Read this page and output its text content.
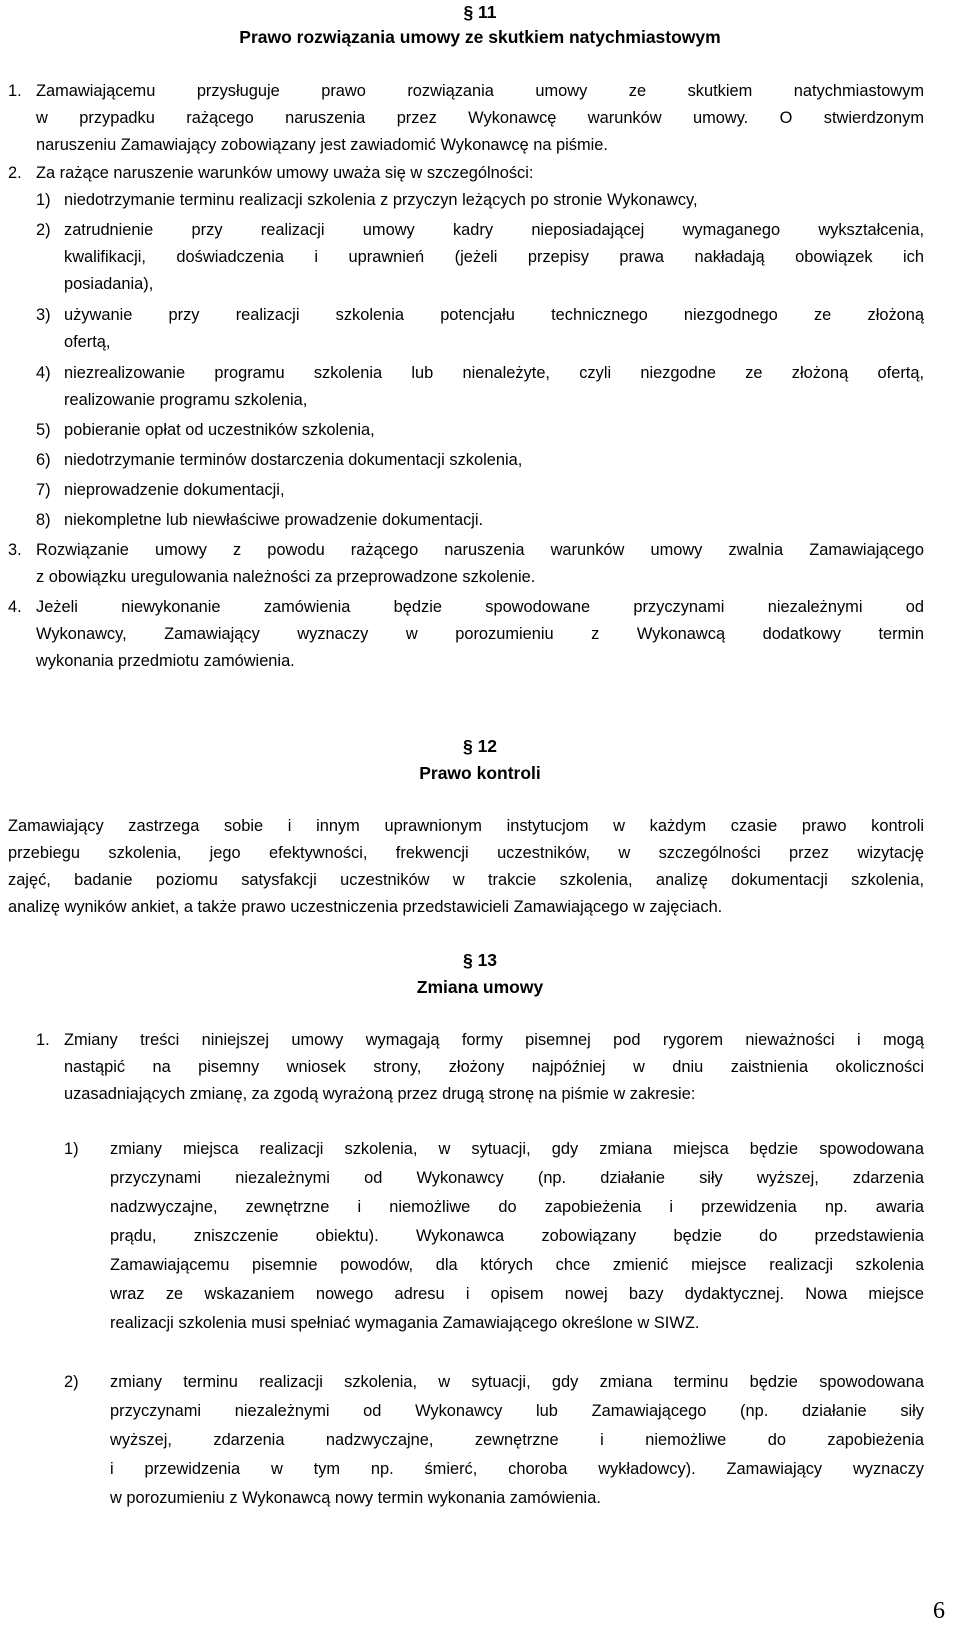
§ 11
Prawo rozwiązania umowy ze skutkiem natychmiastowym
1. Zamawiającemu przysługuje prawo rozwiązania umowy ze skutkiem natychmiastowym
w przypadku rażącego naruszenia przez Wykonawcę warunków umowy. O stwierdzonym
naruszeniu Zamawiający zobowiązany jest zawiadomić Wykonawcę na piśmie.
2. Za rażące naruszenie warunków umowy uważa się w szczególności:
1) niedotrzymanie terminu realizacji szkolenia z przyczyn leżących po stronie Wykonawcy,
2) zatrudnienie przy realizacji umowy kadry nieposiadającej wymaganego wykształcenia,
kwalifikacji, doświadczenia i uprawnień (jeżeli przepisy prawa nakładają obowiązek ich
posiadania),
3) używanie przy realizacji szkolenia potencjału technicznego niezgodnego ze złożoną
ofertą,
4) niezrealizowanie programu szkolenia lub nienależyte, czyli niezgodne ze złożoną ofertą,
realizowanie programu szkolenia,
5) pobieranie opłat od uczestników szkolenia,
6) niedotrzymanie terminów dostarczenia dokumentacji szkolenia,
7) nieprowadzenie dokumentacji,
8) niekompletne lub niewłaściwe prowadzenie dokumentacji.
3. Rozwiązanie umowy z powodu rażącego naruszenia warunków umowy zwalnia Zamawiającego
z obowiązku uregulowania należności za przeprowadzone szkolenie.
4. Jeżeli niewykonanie zamówienia będzie spowodowane przyczynami niezależnymi od
Wykonawcy, Zamawiający wyznaczy w porozumieniu z Wykonawcą dodatkowy termin
wykonania przedmiotu zamówienia.
§ 12
Prawo kontroli
Zamawiający zastrzega sobie i innym uprawnionym instytucjom w każdym czasie prawo kontroli
przebiegu szkolenia, jego efektywności, frekwencji uczestników, w szczególności przez wizytację
zajęć, badanie poziomu satysfakcji uczestników w trakcie szkolenia, analizę dokumentacji szkolenia,
analizę wyników ankiet, a także prawo uczestniczenia przedstawicieli Zamawiającego w zajęciach.
§ 13
Zmiana umowy
1. Zmiany treści niniejszej umowy wymagają formy pisemnej pod rygorem nieważności i mogą
nastąpić na pisemny wniosek strony, złożony najpóźniej w dniu zaistnienia okoliczności
uzasadniających zmianę, za zgodą wyrażoną przez drugą stronę na piśmie w zakresie:
1) zmiany miejsca realizacji szkolenia, w sytuacji, gdy zmiana miejsca będzie spowodowana
przyczynami niezależnymi od Wykonawcy (np. działanie siły wyższej, zdarzenia
nadzwyczajne, zewnętrzne i niemożliwe do zapobieżenia i przewidzenia np. awaria
prądu, zniszczenie obiektu). Wykonawca zobowiązany będzie do przedstawienia
Zamawiającemu pisemnie powodów, dla których chce zmienić miejsce realizacji szkolenia
wraz ze wskazaniem nowego adresu i opisem nowej bazy dydaktycznej. Nowa miejsce
realizacji szkolenia musi spełniać wymagania Zamawiającego określone w SIWZ.
2) zmiany terminu realizacji szkolenia, w sytuacji, gdy zmiana terminu będzie spowodowana
przyczynami niezależnymi od Wykonawcy lub Zamawiającego (np. działanie siły
wyższej, zdarzenia nadzwyczajne, zewnętrzne i niemożliwe do zapobieżenia
i przewidzenia w tym np. śmierć, choroba wykładowcy). Zamawiający wyznaczy
w porozumieniu z Wykonawcą nowy termin wykonania zamówienia.
6
